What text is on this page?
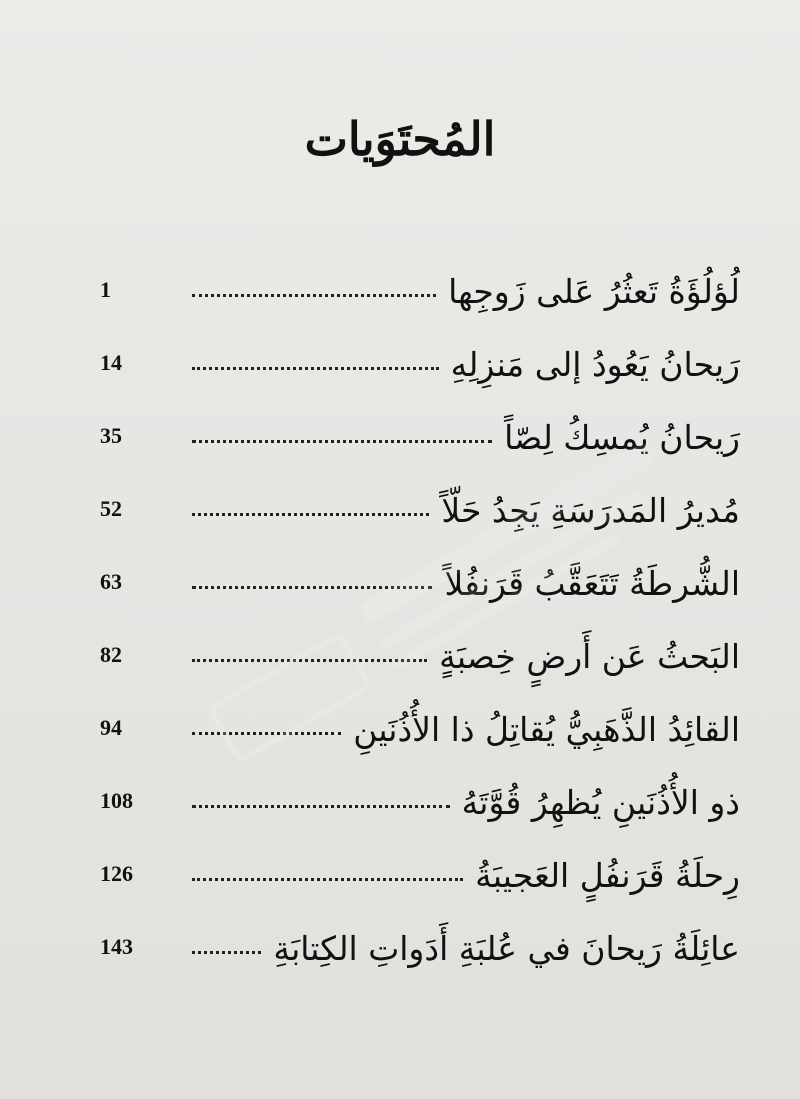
المُحتَوَيات
لُؤلُؤَةُ تَعثُرُ عَلى زَوجِها
1
رَيحانُ يَعُودُ إلى مَنزِلِهِ
14
رَيحانُ يُمسِكُ لِصّاً
35
مُديرُ المَدرَسَةِ يَجِدُ حَلّاً
52
الشُّرطَةُ تَتَعَقَّبُ قَرَنفُلاً
63
البَحثُ عَن أَرضٍ خِصبَةٍ
82
القائِدُ الذَّهَبِيُّ يُقاتِلُ ذا الأُذُنَينِ
94
ذو الأُذُنَينِ يُظهِرُ قُوَّتَهُ
108
رِحلَةُ قَرَنفُلٍ العَجيبَةُ
126
عائِلَةُ رَيحانَ في عُلبَةِ أَدَواتِ الكِتابَةِ
143
